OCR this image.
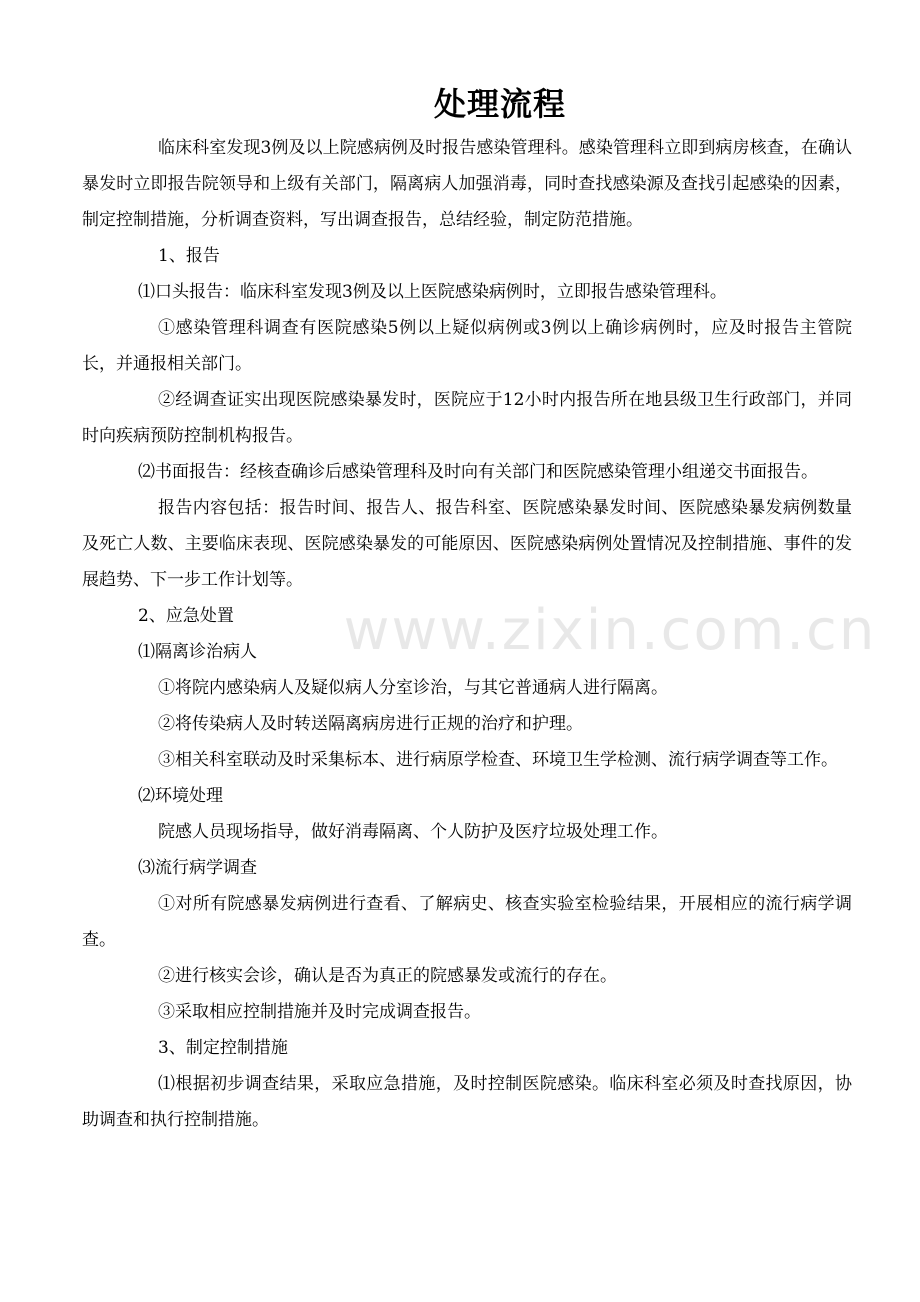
处理流程

临床科室发现3例及以上院感病例及时报告感染管理科。感染管理科立即到病房核查，在确认暴发时立即报告院领导和上级有关部门，隔离病人加强消毒，同时查找感染源及查找引起感染的因素，制定控制措施，分析调查资料，写出调查报告，总结经验，制定防范措施。

1、报告

⑴口头报告：临床科室发现3例及以上医院感染病例时，立即报告感染管理科。

①感染管理科调查有医院感染5例以上疑似病例或3例以上确诊病例时，应及时报告主管院长，并通报相关部门。

②经调查证实出现医院感染暴发时，医院应于12小时内报告所在地县级卫生行政部门，并同时向疾病预防控制机构报告。

⑵书面报告：经核查确诊后感染管理科及时向有关部门和医院感染管理小组递交书面报告。

报告内容包括：报告时间、报告人、报告科室、医院感染暴发时间、医院感染暴发病例数量及死亡人数、主要临床表现、医院感染暴发的可能原因、医院感染病例处置情况及控制措施、事件的发展趋势、下一步工作计划等。

2、应急处置

⑴隔离诊治病人

①将院内感染病人及疑似病人分室诊治，与其它普通病人进行隔离。

②将传染病人及时转送隔离病房进行正规的治疗和护理。

③相关科室联动及时采集标本、进行病原学检查、环境卫生学检测、流行病学调查等工作。

⑵环境处理

院感人员现场指导，做好消毒隔离、个人防护及医疗垃圾处理工作。

⑶流行病学调查

①对所有院感暴发病例进行查看、了解病史、核查实验室检验结果，开展相应的流行病学调查。

②进行核实会诊，确认是否为真正的院感暴发或流行的存在。

③采取相应控制措施并及时完成调查报告。

3、制定控制措施

⑴根据初步调查结果，采取应急措施，及时控制医院感染。临床科室必须及时查找原因，协助调查和执行控制措施。

www.zixin.com.cn
